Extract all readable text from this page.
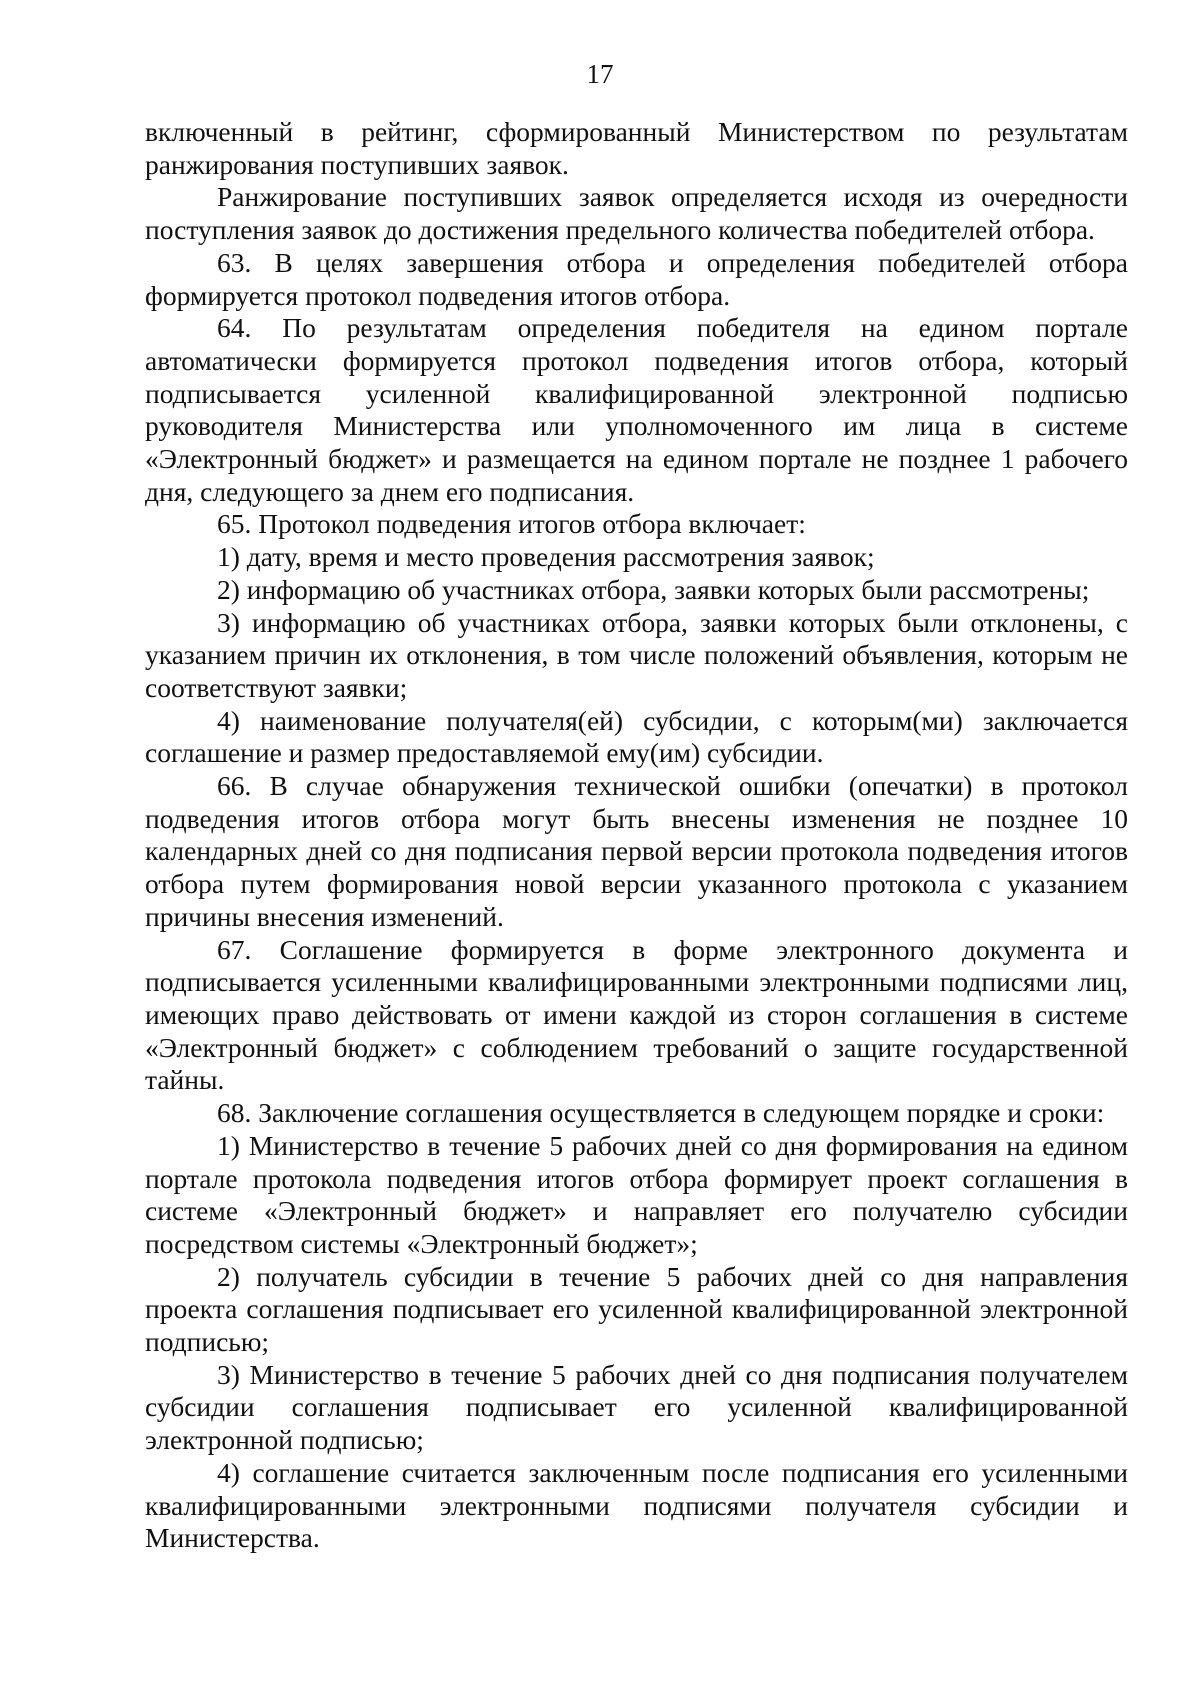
17

включенный в рейтинг, сформированный Министерством по результатам ранжирования поступивших заявок.

Ранжирование поступивших заявок определяется исходя из очередности поступления заявок до достижения предельного количества победителей отбора.

63. В целях завершения отбора и определения победителей отбора формируется протокол подведения итогов отбора.

64. По результатам определения победителя на едином портале автоматически формируется протокол подведения итогов отбора, который подписывается усиленной квалифицированной электронной подписью руководителя Министерства или уполномоченного им лица в системе «Электронный бюджет» и размещается на едином портале не позднее 1 рабочего дня, следующего за днем его подписания.

65. Протокол подведения итогов отбора включает:

1) дату, время и место проведения рассмотрения заявок;

2) информацию об участниках отбора, заявки которых были рассмотрены;

3) информацию об участниках отбора, заявки которых были отклонены, с указанием причин их отклонения, в том числе положений объявления, которым не соответствуют заявки;

4) наименование получателя(ей) субсидии, с которым(ми) заключается соглашение и размер предоставляемой ему(им) субсидии.

66. В случае обнаружения технической ошибки (опечатки) в протокол подведения итогов отбора могут быть внесены изменения не позднее 10 календарных дней со дня подписания первой версии протокола подведения итогов отбора путем формирования новой версии указанного протокола с указанием причины внесения изменений.

67. Соглашение формируется в форме электронного документа и подписывается усиленными квалифицированными электронными подписями лиц, имеющих право действовать от имени каждой из сторон соглашения в системе «Электронный бюджет» с соблюдением требований о защите государственной тайны.

68. Заключение соглашения осуществляется в следующем порядке и сроки:

1) Министерство в течение 5 рабочих дней со дня формирования на едином портале протокола подведения итогов отбора формирует проект соглашения в системе «Электронный бюджет» и направляет его получателю субсидии посредством системы «Электронный бюджет»;

2) получатель субсидии в течение 5 рабочих дней со дня направления проекта соглашения подписывает его усиленной квалифицированной электронной подписью;

3) Министерство в течение 5 рабочих дней со дня подписания получателем субсидии соглашения подписывает его усиленной квалифицированной электронной подписью;

4) соглашение считается заключенным после подписания его усиленными квалифицированными электронными подписями получателя субсидии и Министерства.
